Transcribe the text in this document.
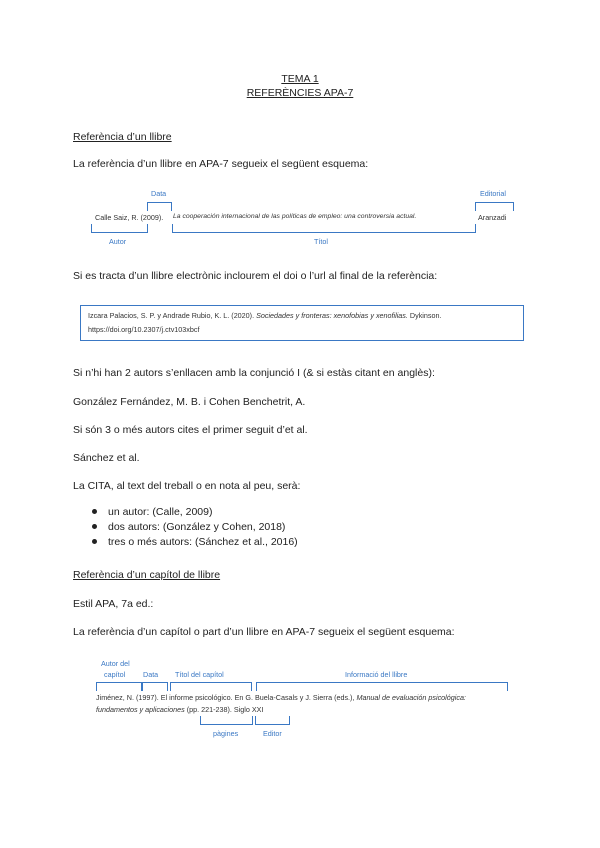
TEMA 1
REFERÈNCIES APA-7
Referència d’un llibre
La referència d’un llibre en APA-7 segueix el següent esquema:
Data	Editorial
Calle Saiz, R. (2009). La cooperación internacional de las políticas de empleo: una controversia actual.	Aranzadi
Autor	Títol
Si es tracta d’un llibre electrònic inclourem el doi o l’url al final de la referència:
Izcara Palacios, S. P. y Andrade Rubio, K. L. (2020). Sociedades y fronteras: xenofobias y xenofilias. Dykinson.
https://doi.org/10.2307/j.ctv103xbcf
Si n’hi han 2 autors s’enllacen amb la conjunció I (& si estàs citant en anglès):
González Fernández, M. B. i Cohen Benchetrit, A.
Si són 3 o més autors cites el primer seguit d’et al.
Sánchez et al.
La CITA, al text del treball o en nota al peu, serà:
un autor: (Calle, 2009)
dos autors: (González y Cohen, 2018)
tres o més autors: (Sánchez et al., 2016)
Referència d’un capítol de llibre
Estil APA, 7a ed.:
La referència d’un capítol o part d’un llibre en APA-7 segueix el següent esquema:
Autor del
capítol Data Títol del capítol	Informació del llibre
Jiménez, N. (1997). El informe psicológico. En G. Buela-Casals y J. Sierra (eds.), Manual de evaluación psicológica:
fundamentos y aplicaciones (pp. 221-238). Siglo XXI
pàgines	Editor
